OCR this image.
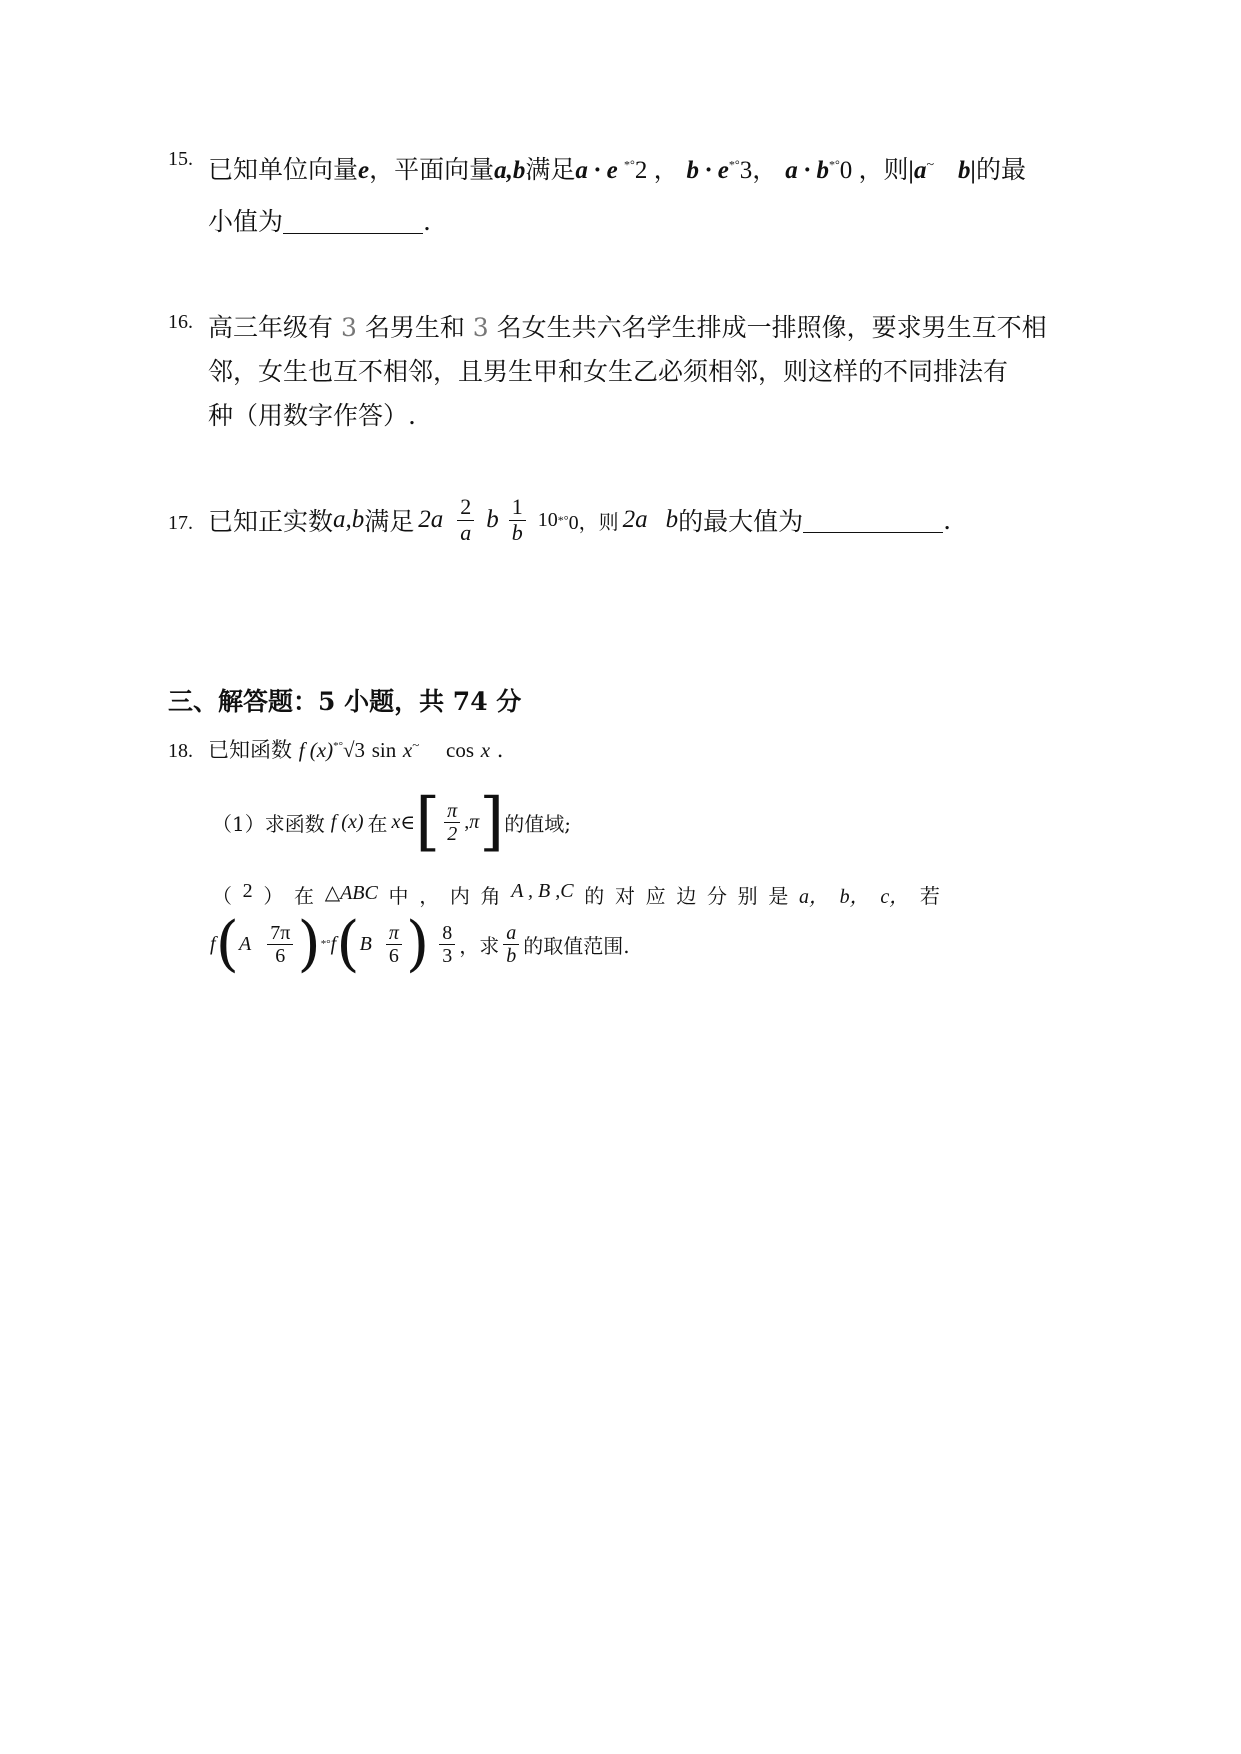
15. 已知单位向量e，平面向量a,b满足a · e *°2 ， b · e*°3， a · b*°0 ，则|a~ b|的最
小值为	.
16. 高三年级有 3 名男生和 3 名女生共六名学生排成一排照像，要求男生互不相
邻，女生也互不相邻，且男生甲和女生乙必须相邻，则这样的不同排法有
种（用数字作答）.
17. 已知正实数 a,b 满足 $2a \frac{2}{a}$ b $\frac{1}{b} 10$ *° 0，则 2a b 的最大值为	.
三、解答题：5 小题，共 74 分
18. 已知函数 f (x)*°√3 sin x~ cos x .
（1）求函数 f (x) 在 x ∈ [ $\frac{\pi}{2}$ , π ] 的值域;
（ 2 ） 在 △ABC 中 ， 内 角 A , B ,C 的 对 应 边 分 别 是 a， b， c， 若
f ( A $\frac{7\pi}{6}$ ) *° f ( B $\frac{\pi}{6}$ ) $\frac{8}{3}$ ，求 $\frac{a}{b}$ 的取值范围.
